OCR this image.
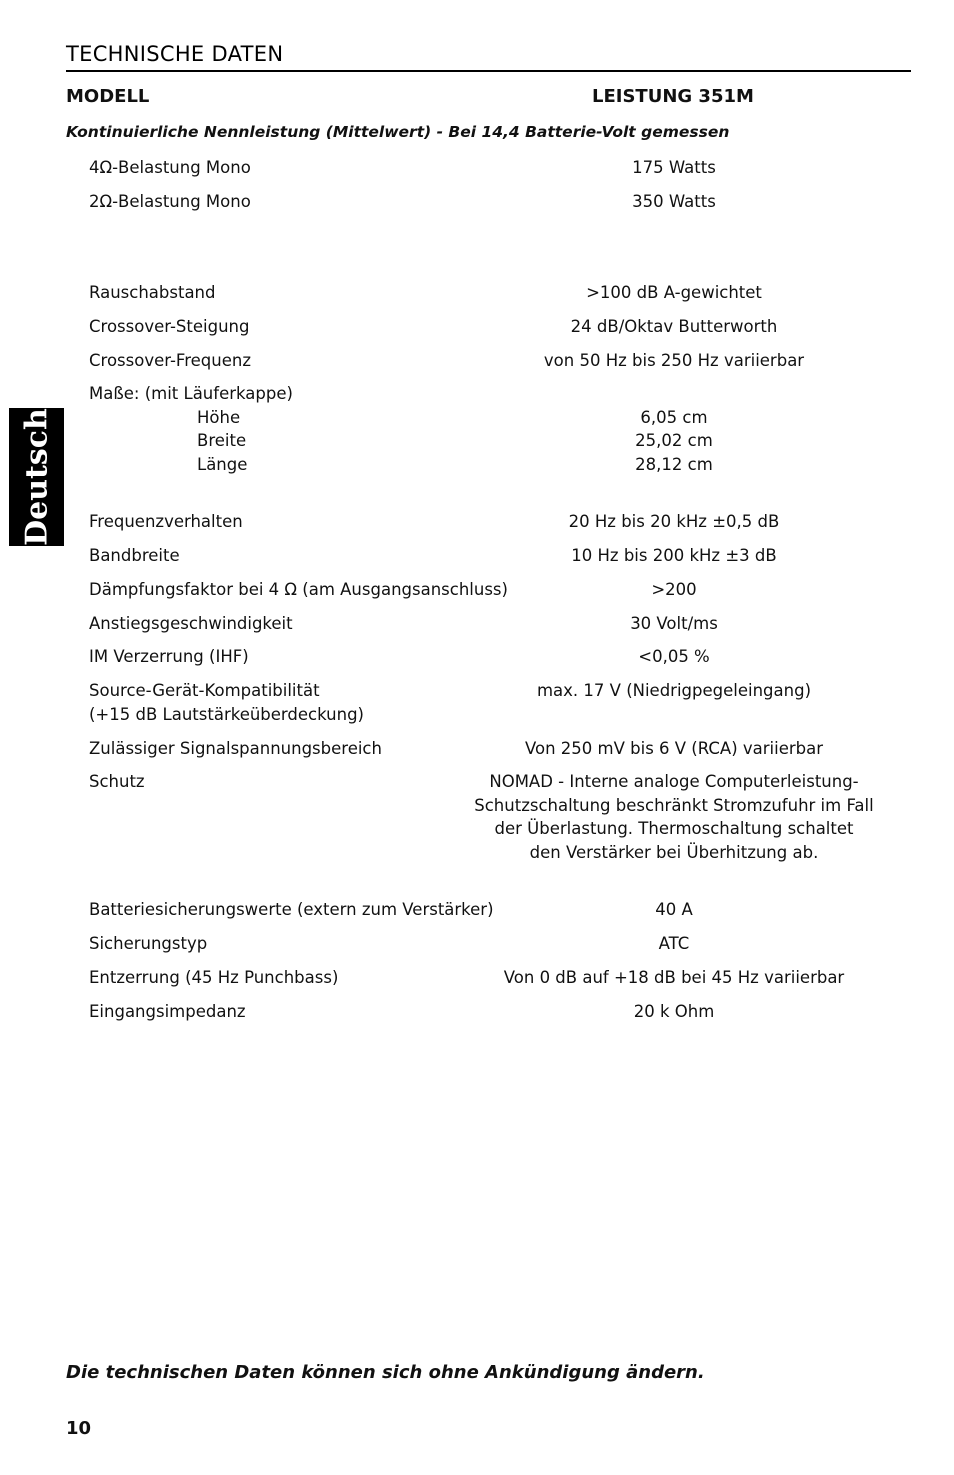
TECHNISCHE DATEN
MODELL	LEISTUNG 351M
Kontinuierliche Nennleistung (Mittelwert) - Bei 14,4 Batterie-Volt gemessen
4Ω-Belastung Mono	175 Watts
2Ω-Belastung Mono	350 Watts
Rauschabstand	>100 dB A-gewichtet
Crossover-Steigung	24 dB/Oktav Butterworth
Crossover-Frequenz	von 50 Hz bis 250 Hz variierbar
Maße: (mit Läuferkappe)
Höhe	6,05 cm
Breite	25,02 cm
Länge	28,12 cm
Frequenzverhalten	20 Hz bis 20 kHz ±0,5 dB
Bandbreite	10 Hz bis 200 kHz ±3 dB
Dämpfungsfaktor bei 4 Ω (am Ausgangsanschluss)	>200
Anstiegsgeschwindigkeit	30 Volt/ms
IM Verzerrung (IHF)	<0,05 %
Source-Gerät-Kompatibilität	max. 17 V (Niedrigpegeleingang)
(+15 dB Lautstärkeüberdeckung)
Zulässiger Signalspannungsbereich	Von 250 mV bis 6 V (RCA) variierbar
Schutz	NOMAD - Interne analoge Computerleistung-
Schutzschaltung beschränkt Stromzufuhr im Fall
der Überlastung. Thermoschaltung schaltet
den Verstärker bei Überhitzung ab.
Batteriesicherungswerte (extern zum Verstärker)	40 A
Sicherungstyp	ATC
Entzerrung (45 Hz Punchbass)	Von 0 dB auf +18 dB bei 45 Hz variierbar
Eingangsimpedanz	20 k Ohm
Deutsch
Die technischen Daten können sich ohne Ankündigung ändern.
10
